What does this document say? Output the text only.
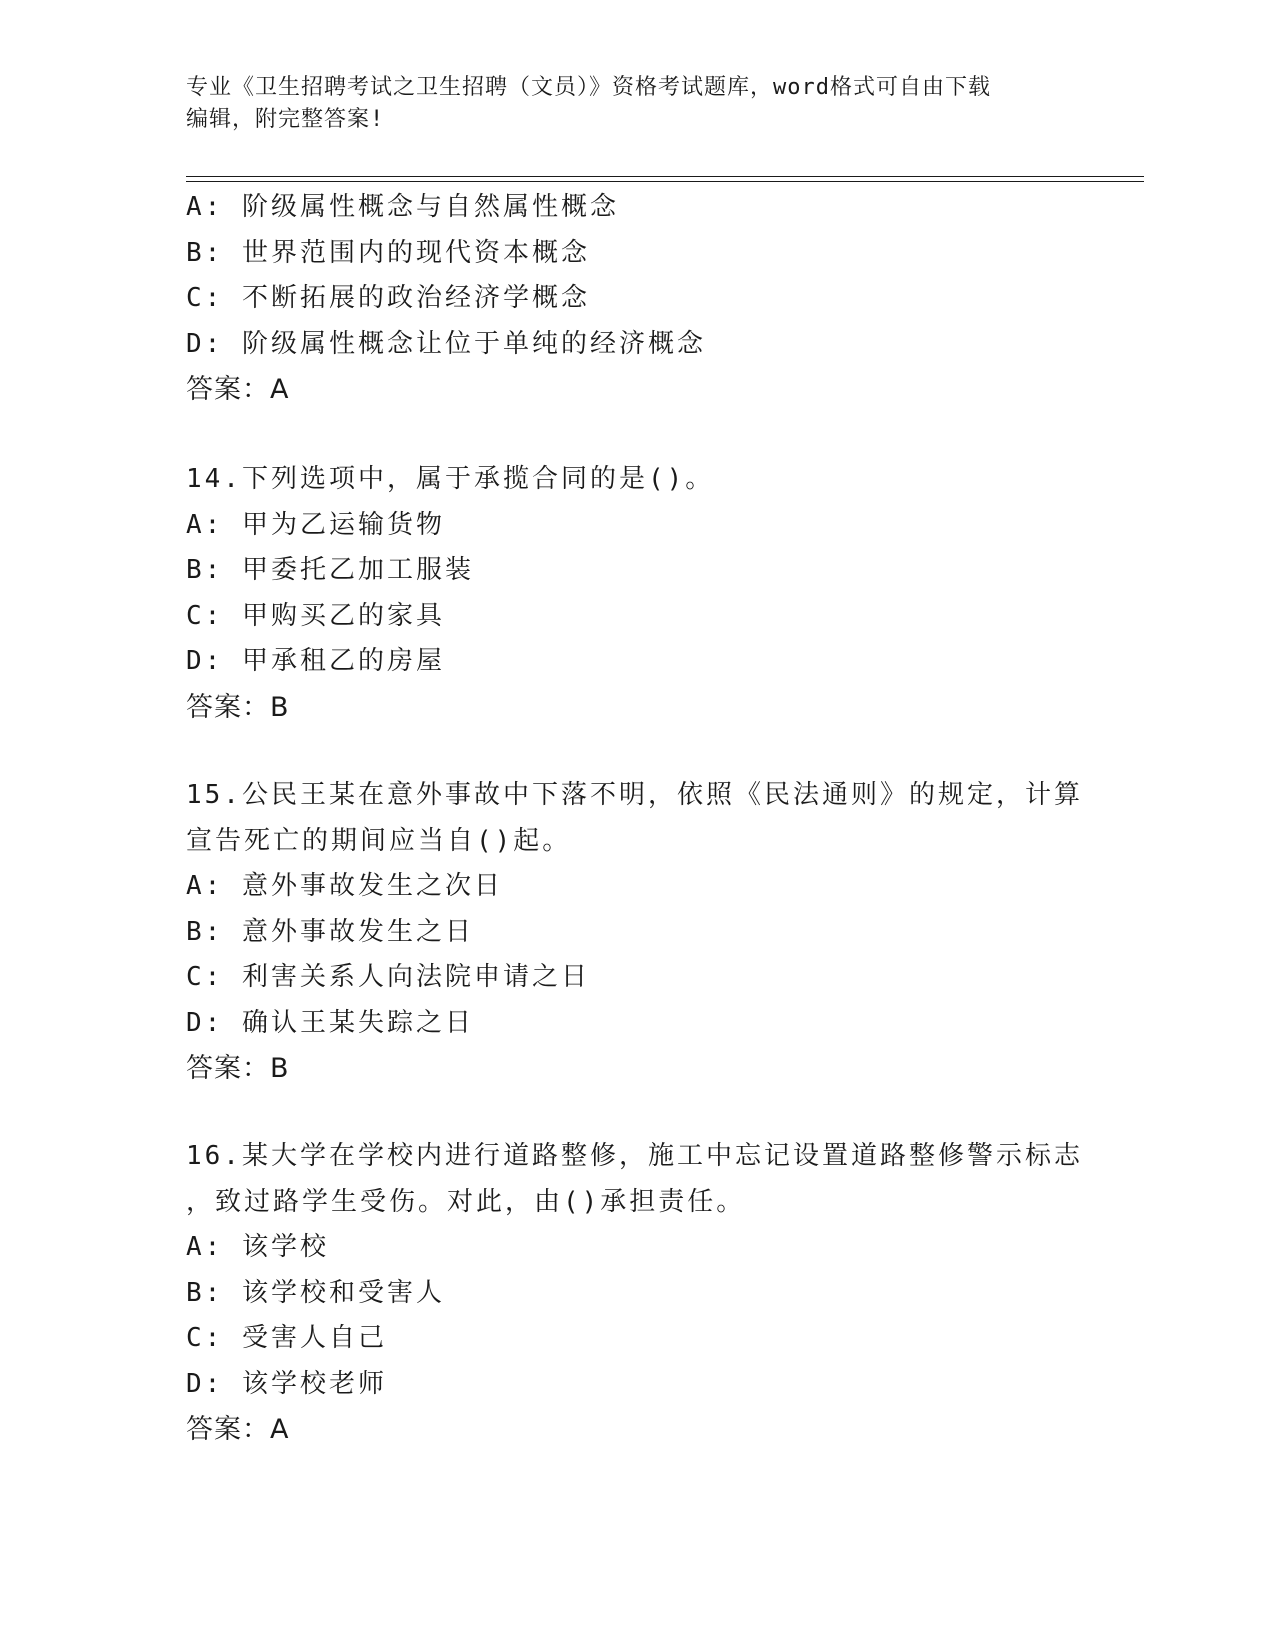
专业《卫生招聘考试之卫生招聘（文员）》资格考试题库，word格式可自由下载
编辑，附完整答案!
A: 阶级属性概念与自然属性概念
B: 世界范围内的现代资本概念
C: 不断拓展的政治经济学概念
D: 阶级属性概念让位于单纯的经济概念
答案：A
14.下列选项中，属于承揽合同的是()。
A: 甲为乙运输货物
B: 甲委托乙加工服装
C: 甲购买乙的家具
D: 甲承租乙的房屋
答案：B
15.公民王某在意外事故中下落不明，依照《民法通则》的规定，计算
宣告死亡的期间应当自()起。
A: 意外事故发生之次日
B: 意外事故发生之日
C: 利害关系人向法院申请之日
D: 确认王某失踪之日
答案：B
16.某大学在学校内进行道路整修，施工中忘记设置道路整修警示标志
，致过路学生受伤。对此，由()承担责任。
A: 该学校
B: 该学校和受害人
C: 受害人自己
D: 该学校老师
答案：A
